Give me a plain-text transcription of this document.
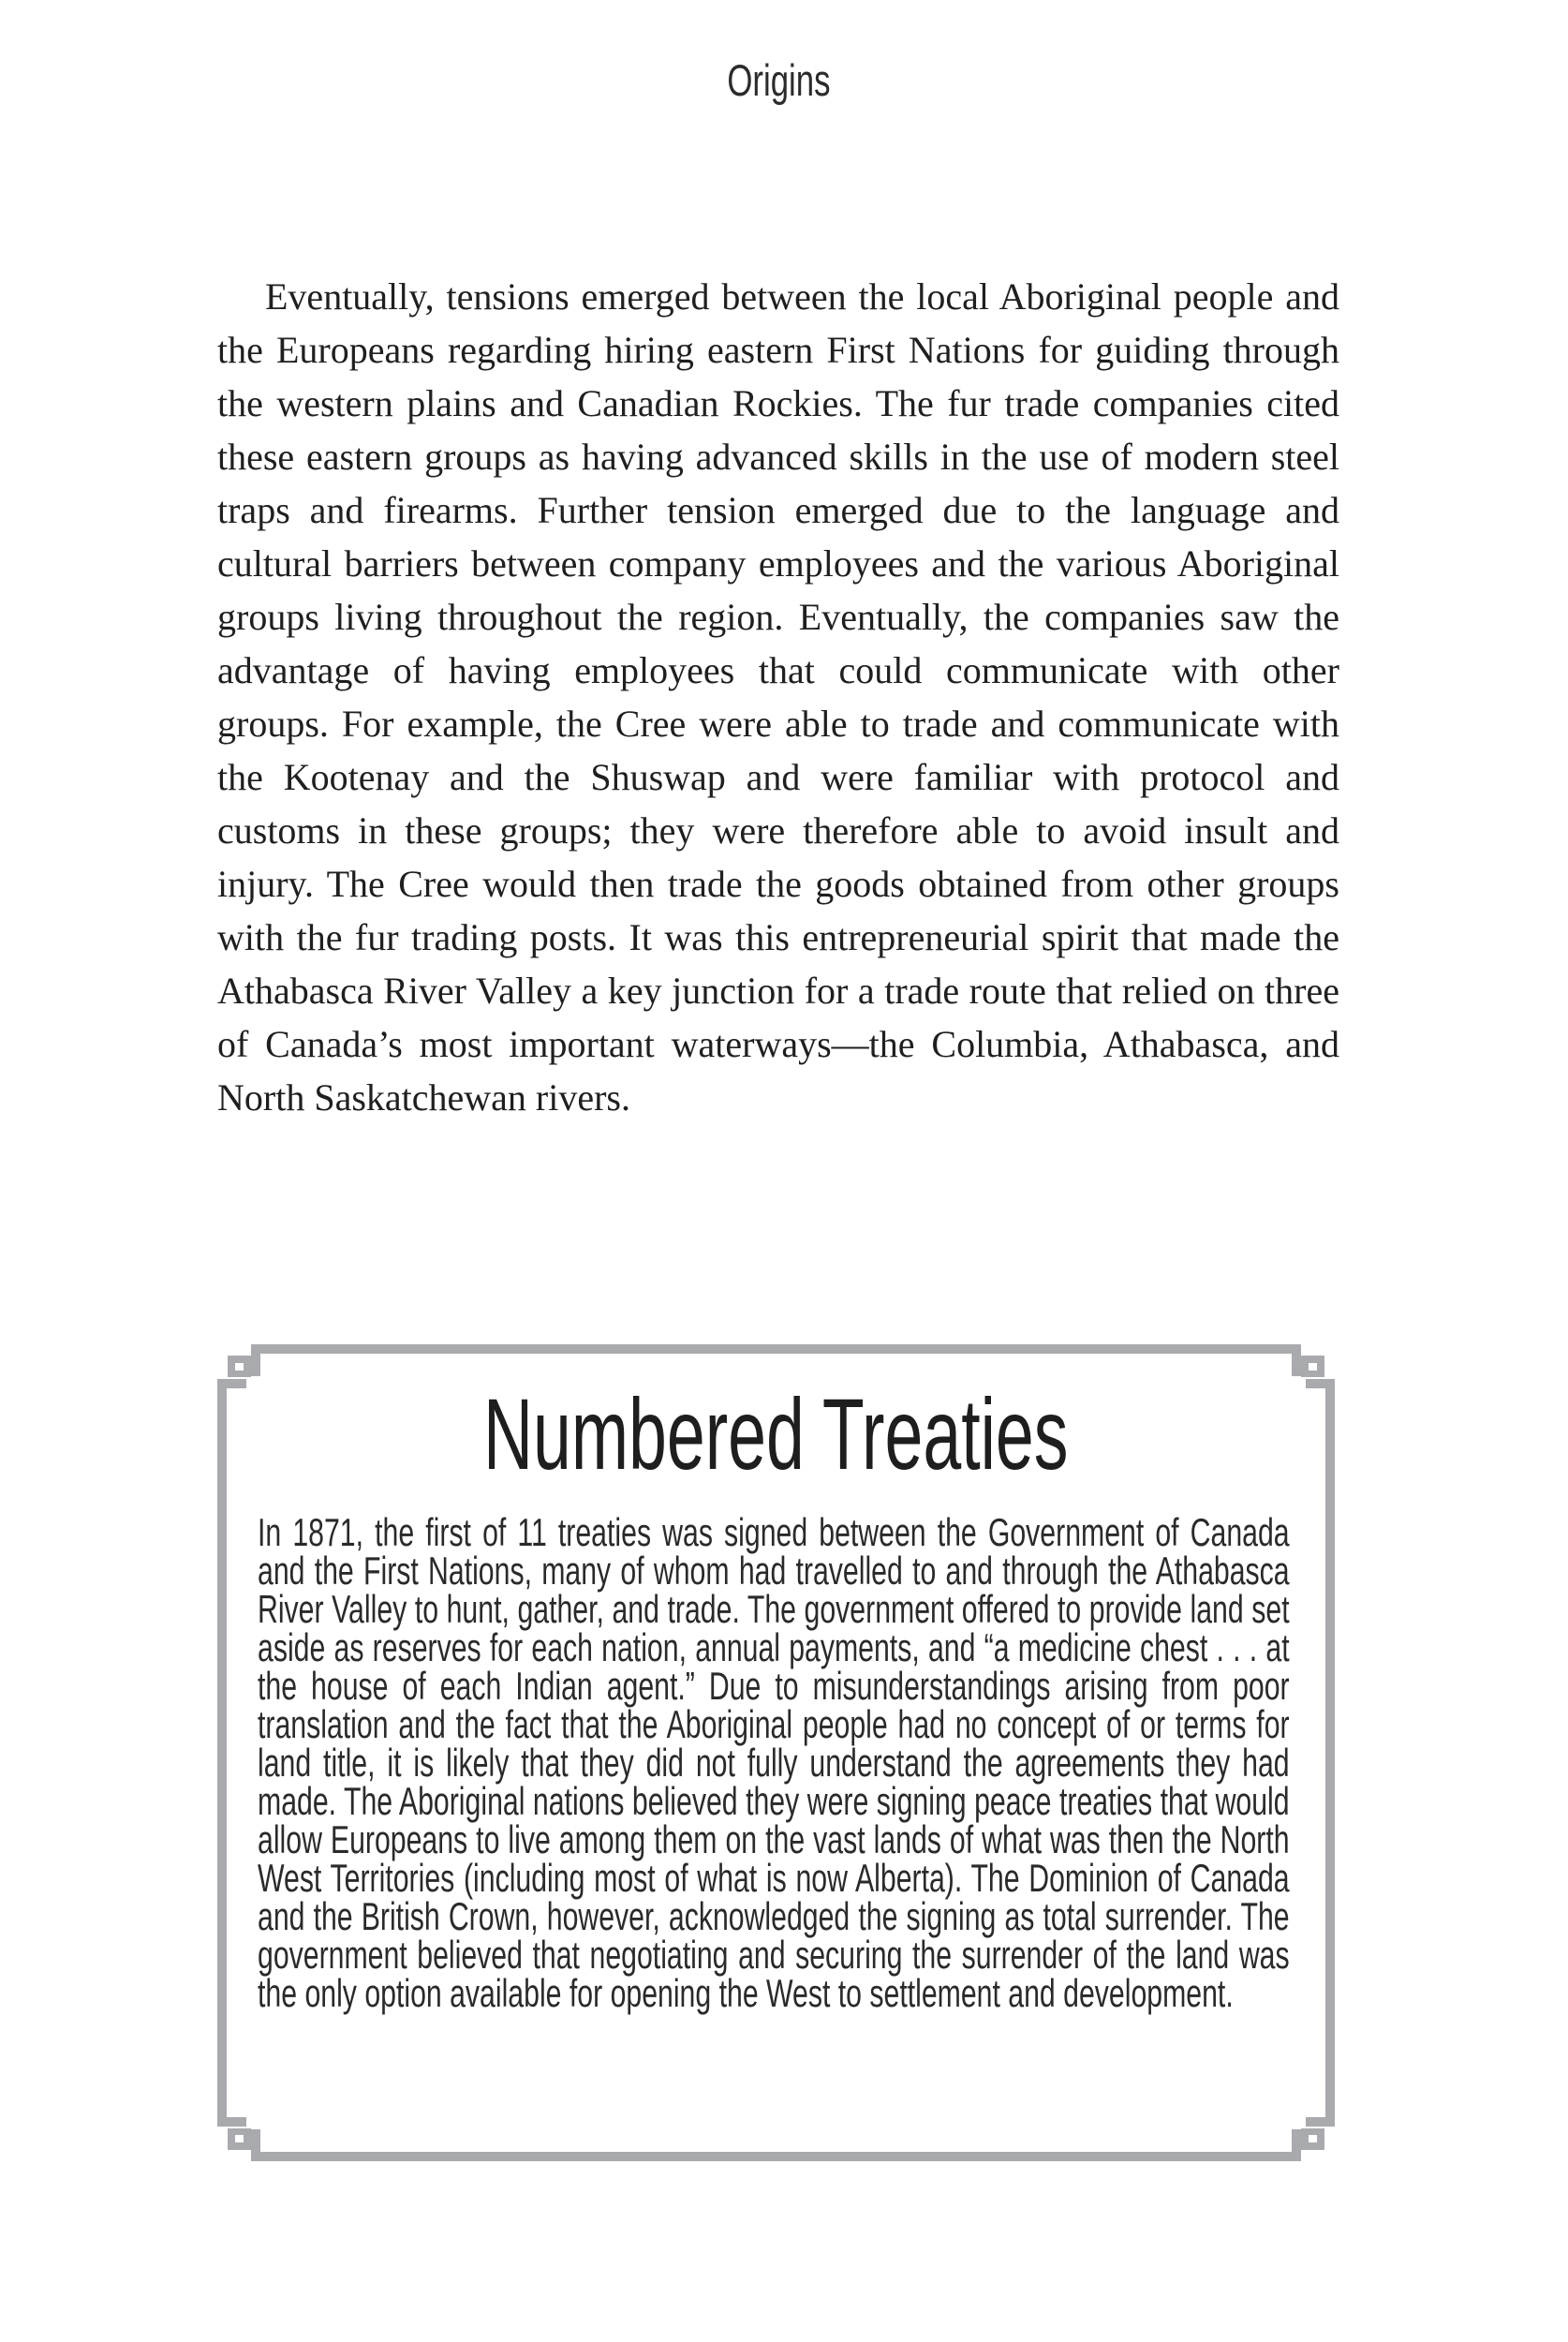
Origins
Eventually, tensions emerged between the local Aboriginal people and the Europeans regarding hiring eastern First Nations for guiding through the western plains and Canadian Rockies. The fur trade companies cited these eastern groups as having advanced skills in the use of modern steel traps and firearms. Further tension emerged due to the language and cultural barriers between company employees and the various Aboriginal groups living throughout the region. Eventually, the companies saw the advantage of having employees that could communicate with other groups. For example, the Cree were able to trade and communicate with the Kootenay and the Shuswap and were familiar with protocol and customs in these groups; they were therefore able to avoid insult and injury. The Cree would then trade the goods obtained from other groups with the fur trading posts. It was this entrepreneurial spirit that made the Athabasca River Valley a key junction for a trade route that relied on three of Canada’s most important waterways—the Columbia, Athabasca, and North Saskatchewan rivers.
Numbered Treaties
In 1871, the first of 11 treaties was signed between the Government of Canada and the First Nations, many of whom had travelled to and through the Athabasca River Valley to hunt, gather, and trade. The government offered to provide land set aside as reserves for each nation, annual payments, and “a medicine chest . . . at the house of each Indian agent.” Due to misunderstandings arising from poor translation and the fact that the Aboriginal people had no concept of or terms for land title, it is likely that they did not fully understand the agreements they had made. The Aboriginal nations believed they were signing peace treaties that would allow Europeans to live among them on the vast lands of what was then the North West Territories (including most of what is now Alberta). The Dominion of Canada and the British Crown, however, acknowledged the signing as total surrender. The government believed that negotiating and securing the surrender of the land was the only option available for opening the West to settlement and development.
